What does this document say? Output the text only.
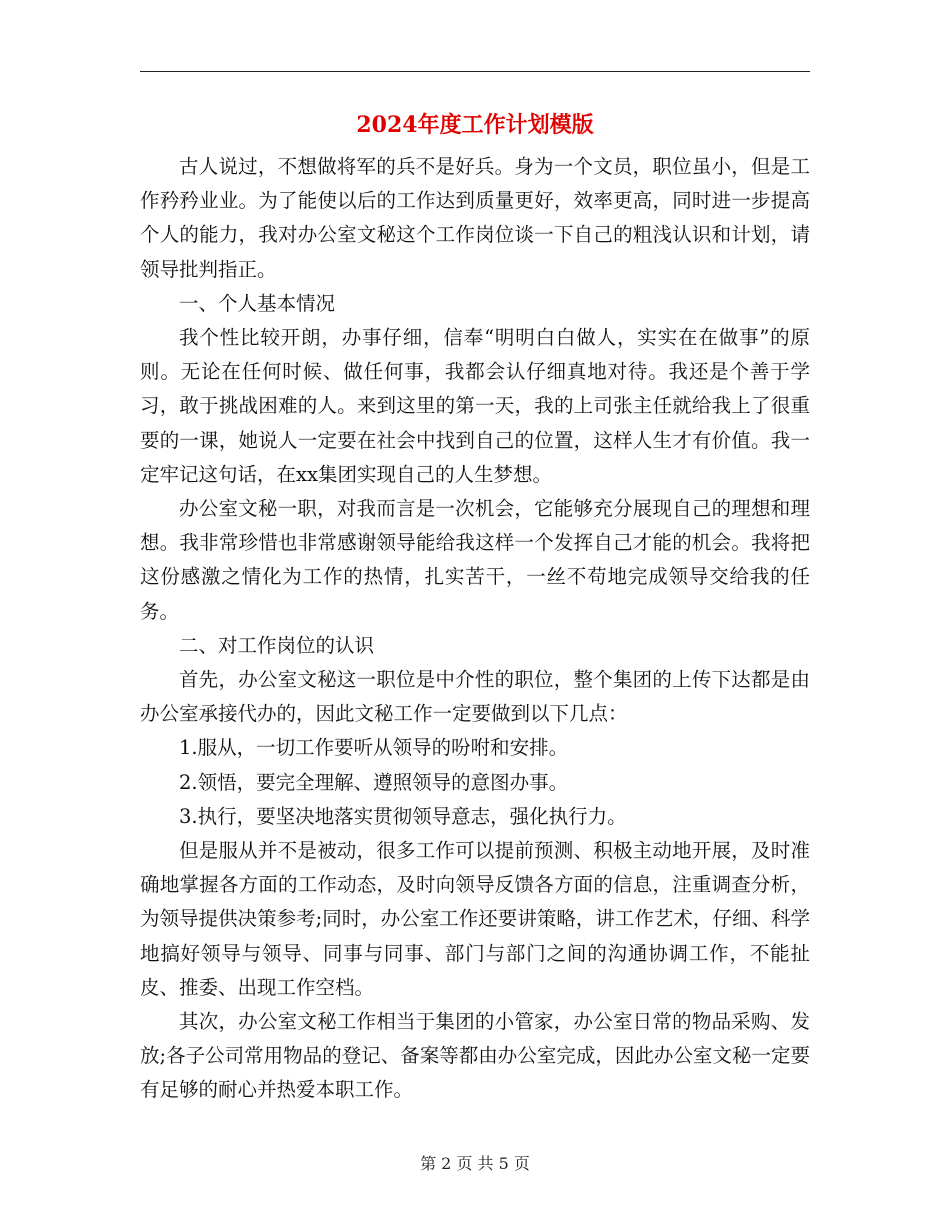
2024年度工作计划模版

古人说过，不想做将军的兵不是好兵。身为一个文员，职位虽小，但是工作矜矜业业。为了能使以后的工作达到质量更好，效率更高，同时进一步提高个人的能力，我对办公室文秘这个工作岗位谈一下自己的粗浅认识和计划，请领导批判指正。

一、个人基本情况

我个性比较开朗，办事仔细，信奉“明明白白做人，实实在在做事”的原则。无论在任何时候、做任何事，我都会认仔细真地对待。我还是个善于学习，敢于挑战困难的人。来到这里的第一天，我的上司张主任就给我上了很重要的一课，她说人一定要在社会中找到自己的位置，这样人生才有价值。我一定牢记这句话，在xx集团实现自己的人生梦想。

办公室文秘一职，对我而言是一次机会，它能够充分展现自己的理想和理想。我非常珍惜也非常感谢领导能给我这样一个发挥自己才能的机会。我将把这份感激之情化为工作的热情，扎实苦干，一丝不苟地完成领导交给我的任务。

二、对工作岗位的认识

首先，办公室文秘这一职位是中介性的职位，整个集团的上传下达都是由办公室承接代办的，因此文秘工作一定要做到以下几点：

1.服从，一切工作要听从领导的吩咐和安排。

2.领悟，要完全理解、遵照领导的意图办事。

3.执行，要坚决地落实贯彻领导意志，强化执行力。

但是服从并不是被动，很多工作可以提前预测、积极主动地开展，及时准确地掌握各方面的工作动态，及时向领导反馈各方面的信息，注重调查分析，为领导提供决策参考;同时，办公室工作还要讲策略，讲工作艺术，仔细、科学地搞好领导与领导、同事与同事、部门与部门之间的沟通协调工作，不能扯皮、推委、出现工作空档。

其次，办公室文秘工作相当于集团的小管家，办公室日常的物品采购、发放;各子公司常用物品的登记、备案等都由办公室完成，因此办公室文秘一定要有足够的耐心并热爱本职工作。

第 2 页 共 5 页
